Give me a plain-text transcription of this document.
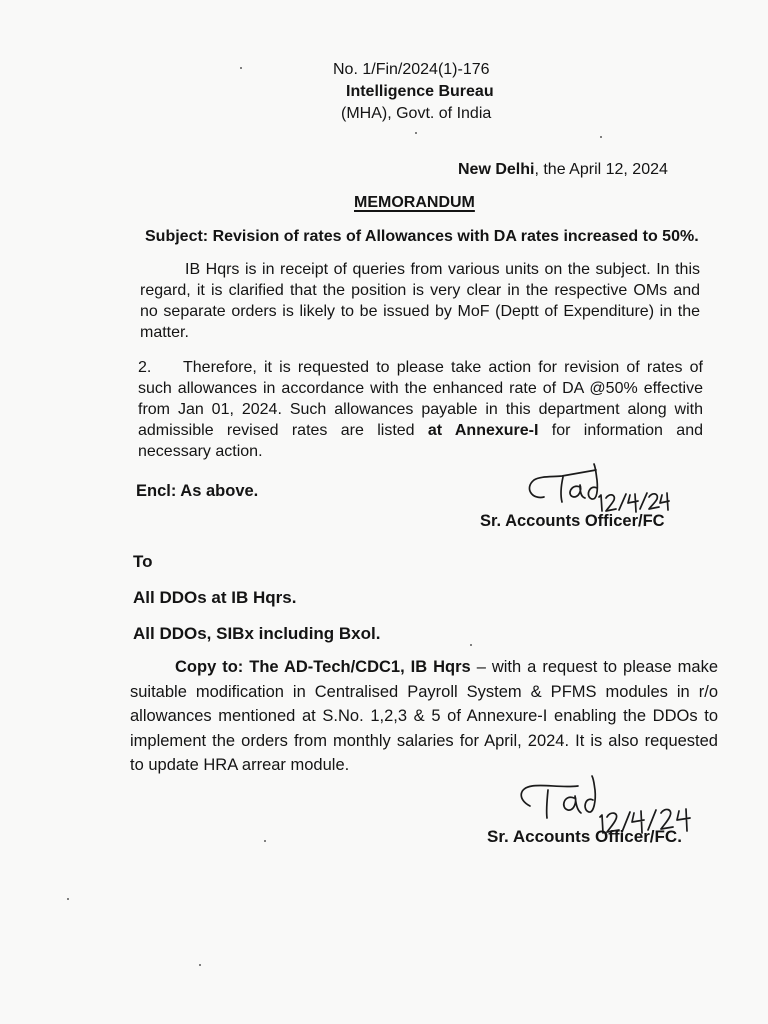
No. 1/Fin/2024(1)-176
Intelligence Bureau
(MHA), Govt. of India
New Delhi, the April 12, 2024
MEMORANDUM
Subject: Revision of rates of Allowances with DA rates increased to 50%.
IB Hqrs is in receipt of queries from various units on the subject. In this
regard, it is clarified that the position is very clear in the respective OMs and
no separate orders is likely to be issued by MoF (Deptt of Expenditure) in the
matter.
2.	Therefore, it is requested to please take action for revision of rates of
such allowances in accordance with the enhanced rate of DA @50% effective
from Jan 01, 2024. Such allowances payable in this department along with
admissible revised rates are listed at Annexure-I for information and
necessary action.
Encl: As above.
Sr. Accounts Officer/FC
To
All DDOs at IB Hqrs.
All DDOs, SIBx including Bxol.
Copy to: The AD-Tech/CDC1, IB Hqrs – with a request to please make
suitable modification in Centralised Payroll System & PFMS modules in r/o
allowances mentioned at S.No. 1,2,3 & 5 of Annexure-I enabling the DDOs to
implement the orders from monthly salaries for April, 2024. It is also requested
to update HRA arrear module.
Sr. Accounts Officer/FC.
